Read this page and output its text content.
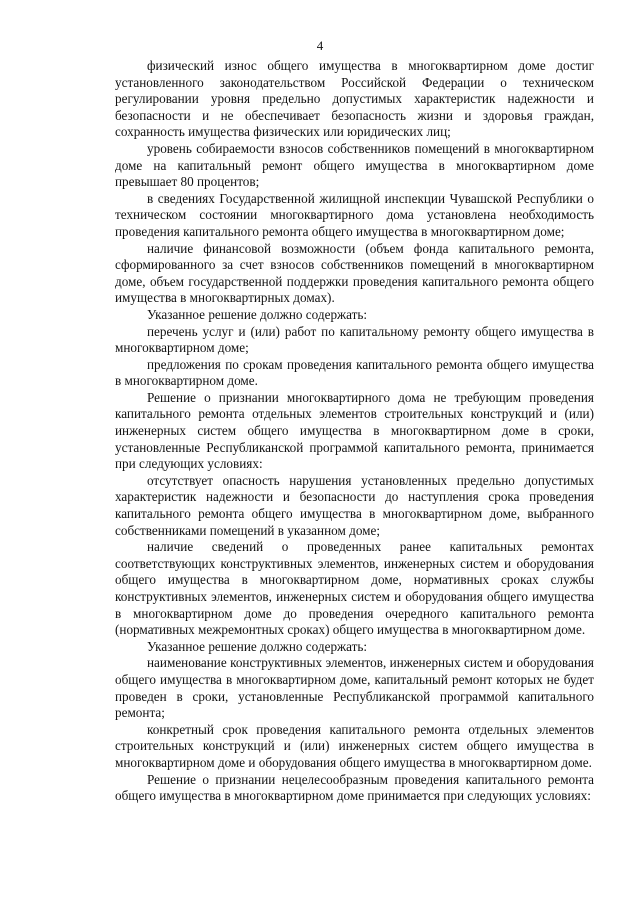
4

физический износ общего имущества в многоквартирном доме достиг установленного законодательством Российской Федерации о техническом регулировании уровня предельно допустимых характеристик надежности и безопасности и не обеспечивает безопасность жизни и здоровья граждан, сохранность имущества физических или юридических лиц;

уровень собираемости взносов собственников помещений в многоквартирном доме на капитальный ремонт общего имущества в многоквартирном доме превышает 80 процентов;

в сведениях Государственной жилищной инспекции Чувашской Республики о техническом состоянии многоквартирного дома установлена необходимость проведения капитального ремонта общего имущества в многоквартирном доме;

наличие финансовой возможности (объем фонда капитального ремонта, сформированного за счет взносов собственников помещений в многоквартирном доме, объем государственной поддержки проведения капитального ремонта общего имущества в многоквартирных домах).

Указанное решение должно содержать:

перечень услуг и (или) работ по капитальному ремонту общего имущества в многоквартирном доме;

предложения по срокам проведения капитального ремонта общего имущества в многоквартирном доме.

Решение о признании многоквартирного дома не требующим проведения капитального ремонта отдельных элементов строительных конструкций и (или) инженерных систем общего имущества в многоквартирном доме в сроки, установленные Республиканской программой капитального ремонта, принимается при следующих условиях:

отсутствует опасность нарушения установленных предельно допустимых характеристик надежности и безопасности до наступления срока проведения капитального ремонта общего имущества в многоквартирном доме, выбранного собственниками помещений в указанном доме;

наличие сведений о проведенных ранее капитальных ремонтах соответствующих конструктивных элементов, инженерных систем и оборудования общего имущества в многоквартирном доме, нормативных сроках службы конструктивных элементов, инженерных систем и оборудования общего имущества в многоквартирном доме до проведения очередного капитального ремонта (нормативных межремонтных сроках) общего имущества в многоквартирном доме.

Указанное решение должно содержать:

наименование конструктивных элементов, инженерных систем и оборудования общего имущества в многоквартирном доме, капитальный ремонт которых не будет проведен в сроки, установленные Республиканской программой капитального ремонта;

конкретный срок проведения капитального ремонта отдельных элементов строительных конструкций и (или) инженерных систем общего имущества в многоквартирном доме и оборудования общего имущества в многоквартирном доме.

Решение о признании нецелесообразным проведения капитального ремонта общего имущества в многоквартирном доме принимается при следующих условиях:
